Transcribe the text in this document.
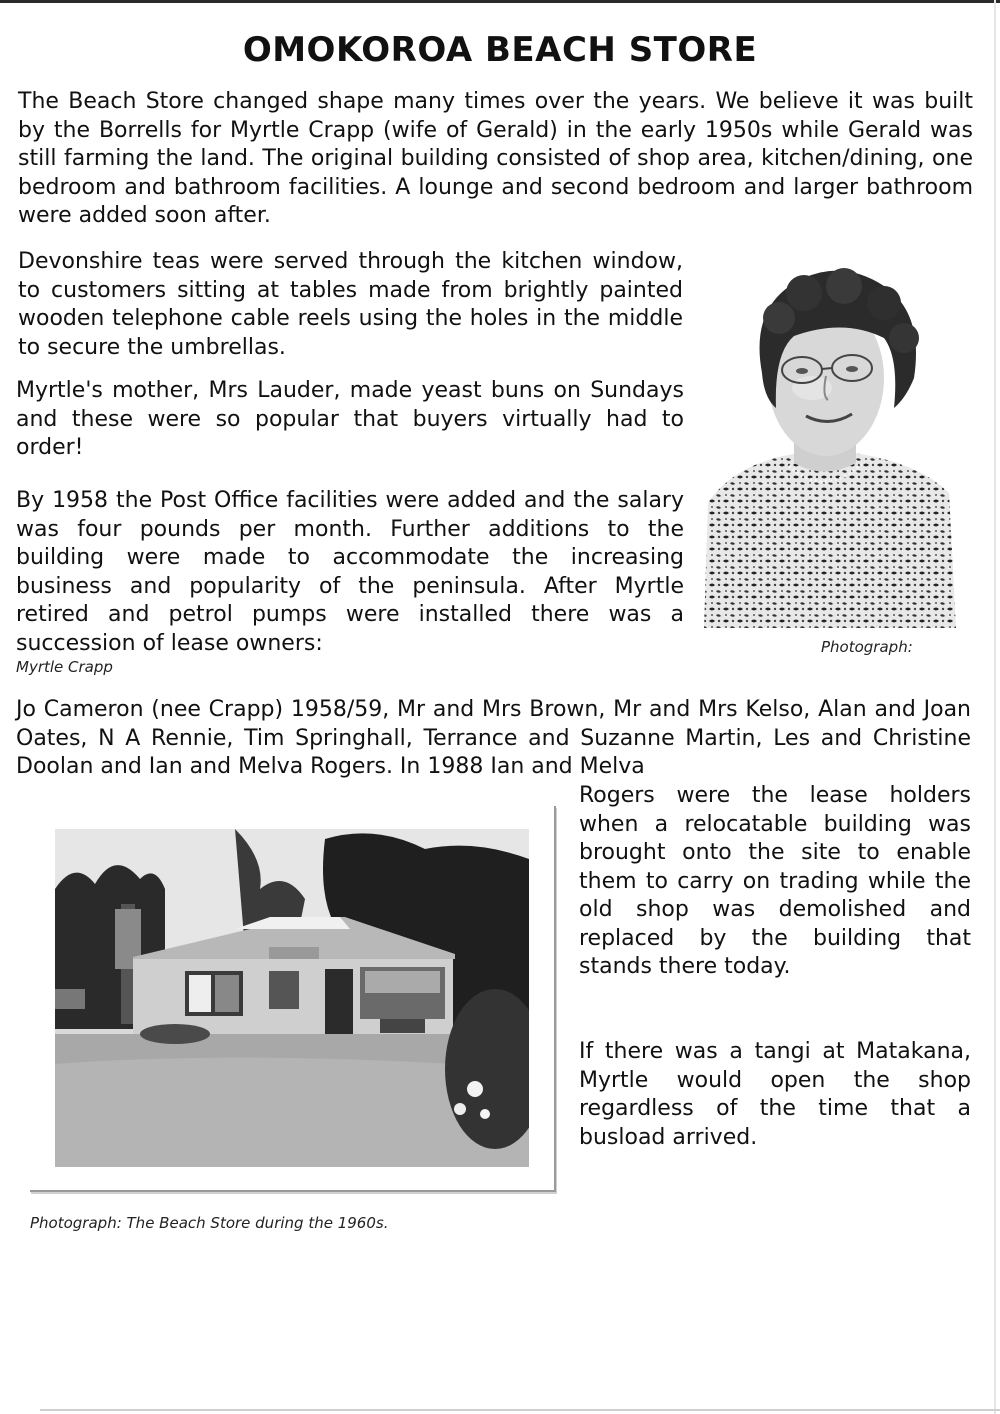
OMOKOROA BEACH STORE

The Beach Store changed shape many times over the years. We believe it was built by the Borrells for Myrtle Crapp (wife of Gerald) in the early 1950s while Gerald was still farming the land. The original building consisted of shop area, kitchen/dining, one bedroom and bathroom facilities. A lounge and second bedroom and larger bathroom were added soon after.

Devonshire teas were served through the kitchen window, to customers sitting at tables made from brightly painted wooden telephone cable reels using the holes in the middle to secure the umbrellas.

Myrtle's mother, Mrs Lauder, made yeast buns on Sundays and these were so popular that buyers virtually had to order!

By 1958 the Post Office facilities were added and the salary was four pounds per month. Further additions to the building were made to accommodate the increasing business and popularity of the peninsula. After Myrtle retired and petrol pumps were installed there was a succession of lease owners:	Photograph:

Myrtle Crapp

Jo Cameron (nee Crapp) 1958/59, Mr and Mrs Brown, Mr and Mrs Kelso, Alan and Joan Oates, N A Rennie, Tim Springhall, Terrance and Suzanne Martin, Les and Christine Doolan and Ian and Melva Rogers. In 1988 Ian and Melva

Rogers were the lease holders when a relocatable building was brought onto the site to enable them to carry on trading while the old shop was demolished and replaced by the building that stands there today.

If there was a tangi at Matakana, Myrtle would open the shop regardless of the time that a busload arrived.

Photograph: The Beach Store during the 1960s.
